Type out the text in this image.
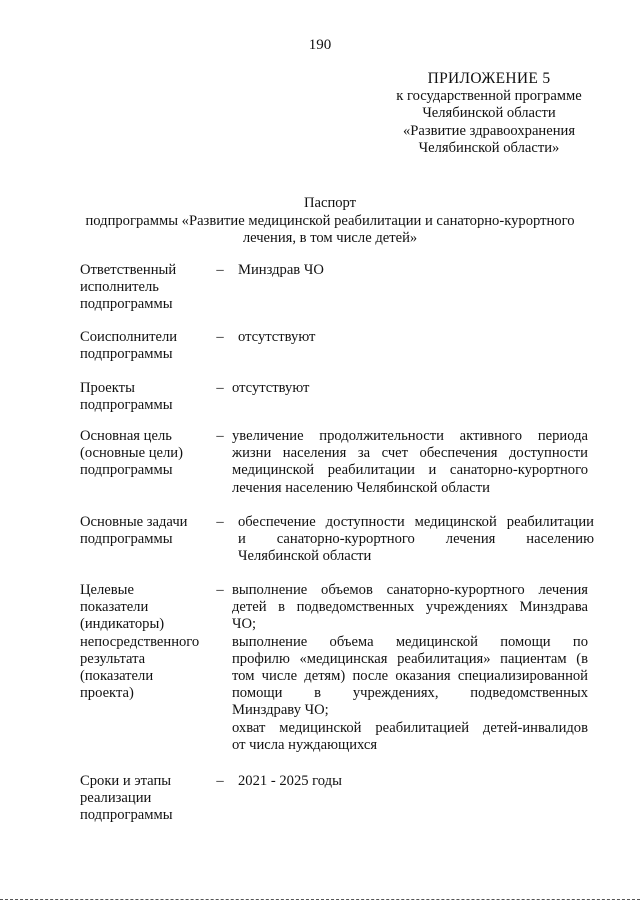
190
ПРИЛОЖЕНИЕ 5
к государственной программе
Челябинской области
«Развитие здравоохранения
Челябинской области»
Паспорт
подпрограммы «Развитие медицинской реабилитации и санаторно-курортного
лечения, в том числе детей»
Ответственный
исполнитель
подпрограммы
– Минздрав ЧО
Соисполнители
подпрограммы
– отсутствуют
Проекты
подпрограммы
– отсутствуют
Основная цель
(основные цели)
подпрограммы
– увеличение продолжительности активного периода
жизни населения за счет обеспечения доступности
медицинской реабилитации и санаторно-курортного
лечения населению Челябинской области
Основные задачи
подпрограммы
– обеспечение доступности медицинской реабилитации
и санаторно-курортного лечения населению
Челябинской области
Целевые
показатели
(индикаторы)
непосредственного
результата
(показатели
проекта)
– выполнение объемов санаторно-курортного лечения
детей в подведомственных учреждениях Минздрава
ЧО;
выполнение объема медицинской помощи по
профилю «медицинская реабилитация» пациентам (в
том числе детям) после оказания специализированной
помощи в учреждениях, подведомственных
Минздраву ЧО;
охват медицинской реабилитацией детей-инвалидов
от числа нуждающихся
Сроки и этапы
реализации
подпрограммы
– 2021 - 2025 годы
